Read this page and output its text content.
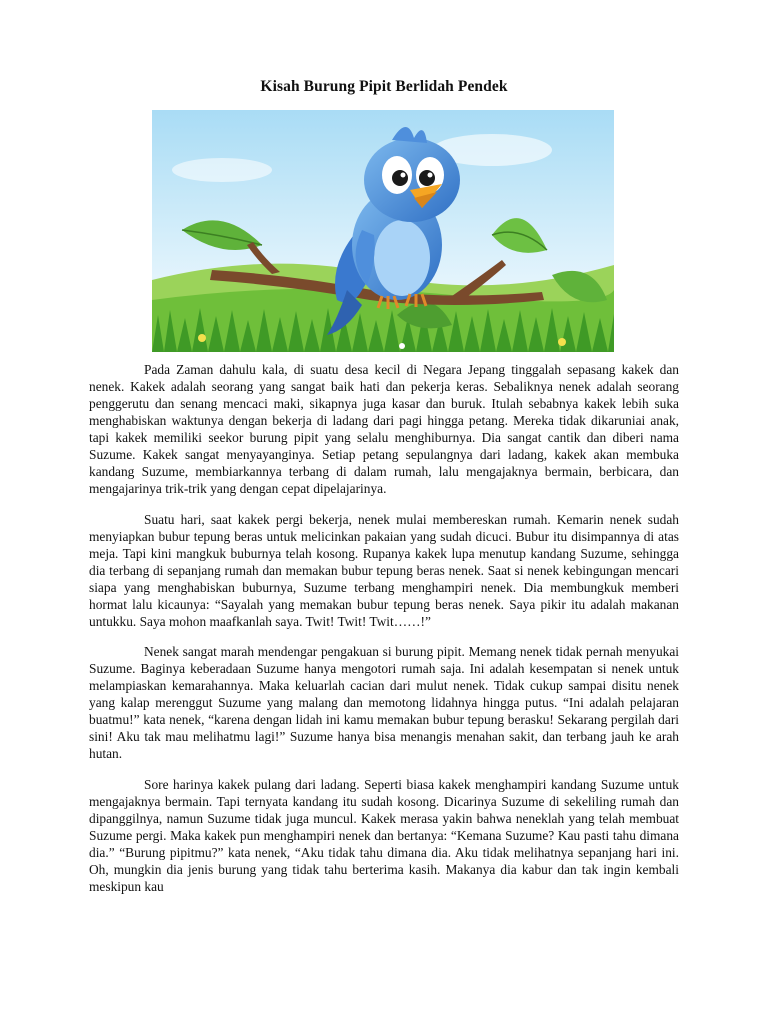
Kisah Burung Pipit Berlidah Pendek

Pada Zaman dahulu kala, di suatu desa kecil di Negara Jepang tinggalah sepasang kakek dan nenek. Kakek adalah seorang yang sangat baik hati dan pekerja keras. Sebaliknya nenek adalah seorang penggerutu dan senang mencaci maki, sikapnya juga kasar dan buruk. Itulah sebabnya kakek lebih suka menghabiskan waktunya dengan bekerja di ladang dari pagi hingga petang. Mereka tidak dikaruniai anak, tapi kakek memiliki seekor burung pipit yang selalu menghiburnya. Dia sangat cantik dan diberi nama Suzume. Kakek sangat menyayanginya. Setiap petang sepulangnya dari ladang, kakek akan membuka kandang Suzume, membiarkannya terbang di dalam rumah, lalu mengajaknya bermain, berbicara, dan mengajarinya trik-trik yang dengan cepat dipelajarinya.

Suatu hari, saat kakek pergi bekerja, nenek mulai membereskan rumah. Kemarin nenek sudah menyiapkan bubur tepung beras untuk melicinkan pakaian yang sudah dicuci. Bubur itu disimpannya di atas meja. Tapi kini mangkuk buburnya telah kosong. Rupanya kakek lupa menutup kandang Suzume, sehingga dia terbang di sepanjang rumah dan memakan bubur tepung beras nenek. Saat si nenek kebingungan mencari siapa yang menghabiskan buburnya, Suzume terbang menghampiri nenek. Dia membungkuk memberi hormat lalu kicaunya: “Sayalah yang memakan bubur tepung beras nenek. Saya pikir itu adalah makanan untukku. Saya mohon maafkanlah saya. Twit! Twit! Twit……!”

Nenek sangat marah mendengar pengakuan si burung pipit. Memang nenek tidak pernah menyukai Suzume. Baginya keberadaan Suzume hanya mengotori rumah saja. Ini adalah kesempatan si nenek untuk melampiaskan kemarahannya. Maka keluarlah cacian dari mulut nenek. Tidak cukup sampai disitu nenek yang kalap merenggut Suzume yang malang dan memotong lidahnya hingga putus. “Ini adalah pelajaran buatmu!” kata nenek, “karena dengan lidah ini kamu memakan bubur tepung berasku! Sekarang pergilah dari sini! Aku tak mau melihatmu lagi!” Suzume hanya bisa menangis menahan sakit, dan terbang jauh ke arah hutan.

Sore harinya kakek pulang dari ladang. Seperti biasa kakek menghampiri kandang Suzume untuk mengajaknya bermain. Tapi ternyata kandang itu sudah kosong. Dicarinya Suzume di sekeliling rumah dan dipanggilnya, namun Suzume tidak juga muncul. Kakek merasa yakin bahwa neneklah yang telah membuat Suzume pergi. Maka kakek pun menghampiri nenek dan bertanya: “Kemana Suzume? Kau pasti tahu dimana dia.” “Burung pipitmu?” kata nenek, “Aku tidak tahu dimana dia. Aku tidak melihatnya sepanjang hari ini. Oh, mungkin dia jenis burung yang tidak tahu berterima kasih. Makanya dia kabur dan tak ingin kembali meskipun kau
